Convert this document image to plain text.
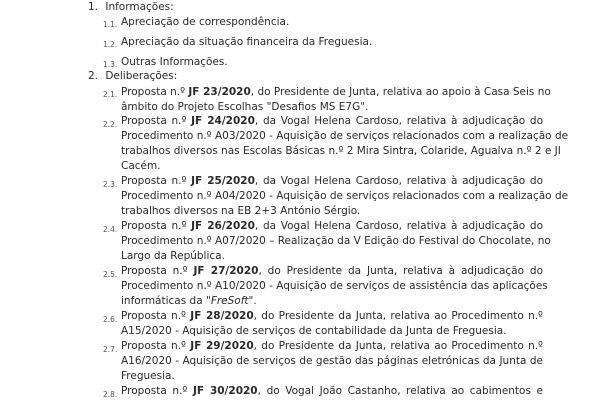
1. Informações:
1.1. Apreciação de correspondência.
1.2. Apreciação da situação financeira da Freguesia.
1.3. Outras Informações.
2. Deliberações:
2.1. Proposta n.º JF 23/2020, do Presidente de Junta, relativa ao apoio à Casa Seis no
âmbito do Projeto Escolhas "Desafios MS E7G".
2.2. Proposta n.º JF 24/2020, da Vogal Helena Cardoso, relativa à adjudicação do
Procedimento n.º A03/2020 - Aquisição de serviços relacionados com a realização de
trabalhos diversos nas Escolas Básicas n.º 2 Mira Sintra, Colaride, Agualva n.º 2 e JI
Cacém.
2.3. Proposta n.º JF 25/2020, da Vogal Helena Cardoso, relativa à adjudicação do
Procedimento n.º A04/2020 - Aquisição de serviços relacionados com a realização de
trabalhos diversos na EB 2+3 António Sérgio.
2.4. Proposta n.º JF 26/2020, da Vogal Helena Cardoso, relativa à adjudicação do
Procedimento n.º A07/2020 – Realização da V Edição do Festival do Chocolate, no
Largo da República.
2.5. Proposta n.º JF 27/2020, do Presidente da Junta, relativa à adjudicação do
Procedimento n.º A10/2020 - Aquisição de serviços de assistência das aplicações
informáticas da "FreSoft".
2.6. Proposta n.º JF 28/2020, do Presidente da Junta, relativa ao Procedimento n.º
A15/2020 - Aquisição de serviços de contabilidade da Junta de Freguesia.
2.7. Proposta n.º JF 29/2020, do Presidente da Junta, relativa ao Procedimento n.º
A16/2020 - Aquisição de serviços de gestão das páginas eletrónicas da Junta de
Freguesia.
2.8. Proposta n.º JF 30/2020, do Vogal João Castanho, relativa ao cabimentos e
